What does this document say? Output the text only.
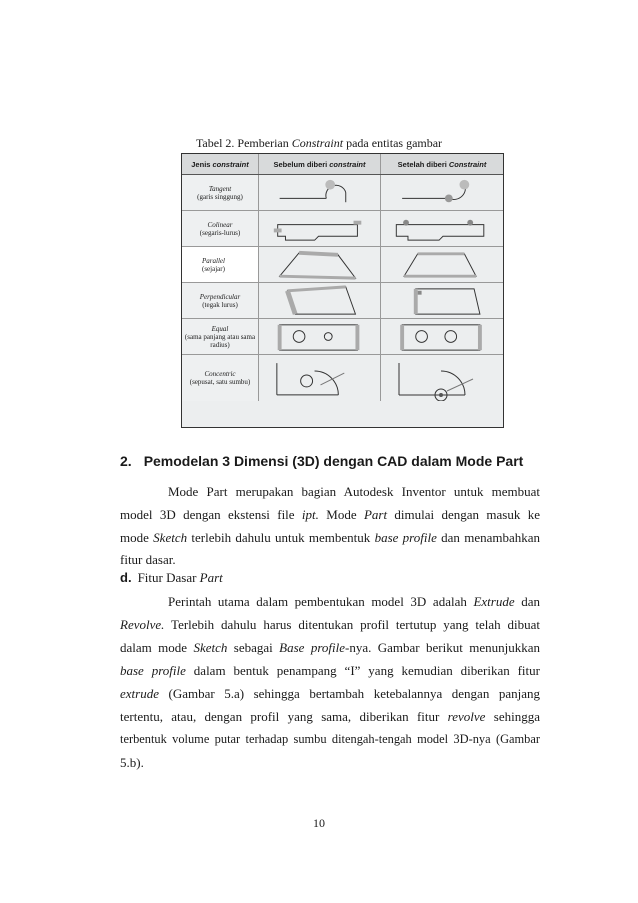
Tabel 2. Pemberian Constraint pada entitas gambar
Jenis constraint	Sebelum diberi constraint	Setelah diberi Constraint
Tangent
(garis singgung)
Colinear
(segaris-lurus)
Parallel
(sejajar)
Perpendicular
(tegak lurus)
Equal
(sama panjang atau sama radius)
Concentric
(sepusat, satu sumbu)
2. Pemodelan 3 Dimensi (3D) dengan CAD dalam Mode Part
Mode Part merupakan bagian Autodesk Inventor untuk membuat
model 3D dengan ekstensi file ipt. Mode Part dimulai dengan masuk ke
mode Sketch terlebih dahulu untuk membentuk base profile dan menambahkan
fitur dasar.
d. Fitur Dasar Part
Perintah utama dalam pembentukan model 3D adalah Extrude dan
Revolve. Terlebih dahulu harus ditentukan profil tertutup yang telah dibuat
dalam mode Sketch sebagai Base profile-nya. Gambar berikut menunjukkan
base profile dalam bentuk penampang “I” yang kemudian diberikan fitur
extrude (Gambar 5.a) sehingga bertambah ketebalannya dengan panjang
tertentu, atau, dengan profil yang sama, diberikan fitur revolve sehingga
terbentuk volume putar terhadap sumbu ditengah-tengah model 3D-nya (Gambar
5.b).
10
